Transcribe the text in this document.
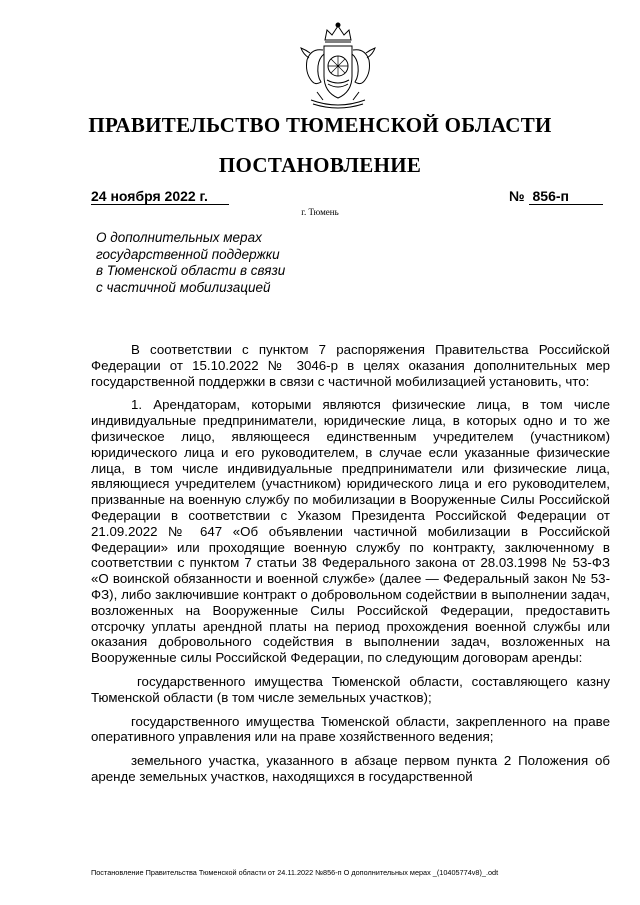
ПРАВИТЕЛЬСТВО ТЮМЕНСКОЙ ОБЛАСТИ
ПОСТАНОВЛЕНИЕ
24 ноября 2022 г.	№ 856-п
г. Тюмень
О дополнительных мерах
государственной поддержки
в Тюменской области в связи
с частичной мобилизацией

В соответствии с пунктом 7 распоряжения Правительства Российской Федерации от 15.10.2022 № 3046-р в целях оказания дополнительных мер государственной поддержки в связи с частичной мобилизацией установить, что:

1. Арендаторам, которыми являются физические лица, в том числе индивидуальные предприниматели, юридические лица, в которых одно и то же физическое лицо, являющееся единственным учредителем (участником) юридического лица и его руководителем, в случае если указанные физические лица, в том числе индивидуальные предприниматели или физические лица, являющиеся учредителем (участником) юридического лица и его руководителем, призванные на военную службу по мобилизации в Вооруженные Силы Российской Федерации в соответствии с Указом Президента Российской Федерации от 21.09.2022 № 647 «Об объявлении частичной мобилизации в Российской Федерации» или проходящие военную службу по контракту, заключенному в соответствии с пунктом 7 статьи 38 Федерального закона от 28.03.1998 № 53-ФЗ «О воинской обязанности и военной службе» (далее — Федеральный закон № 53-ФЗ), либо заключившие контракт о добровольном содействии в выполнении задач, возложенных на Вооруженные Силы Российской Федерации, предоставить отсрочку уплаты арендной платы на период прохождения военной службы или оказания добровольного содействия в выполнении задач, возложенных на Вооруженные силы Российской Федерации, по следующим договорам аренды:

государственного имущества Тюменской области, составляющего казну Тюменской области (в том числе земельных участков);

государственного имущества Тюменской области, закрепленного на праве оперативного управления или на праве хозяйственного ведения;

земельного участка, указанного в абзаце первом пункта 2 Положения об аренде земельных участков, находящихся в государственной

Постановление Правительства Тюменской области от 24.11.2022 №856-п О дополнительных мерах _(10405774v8)_.odt
